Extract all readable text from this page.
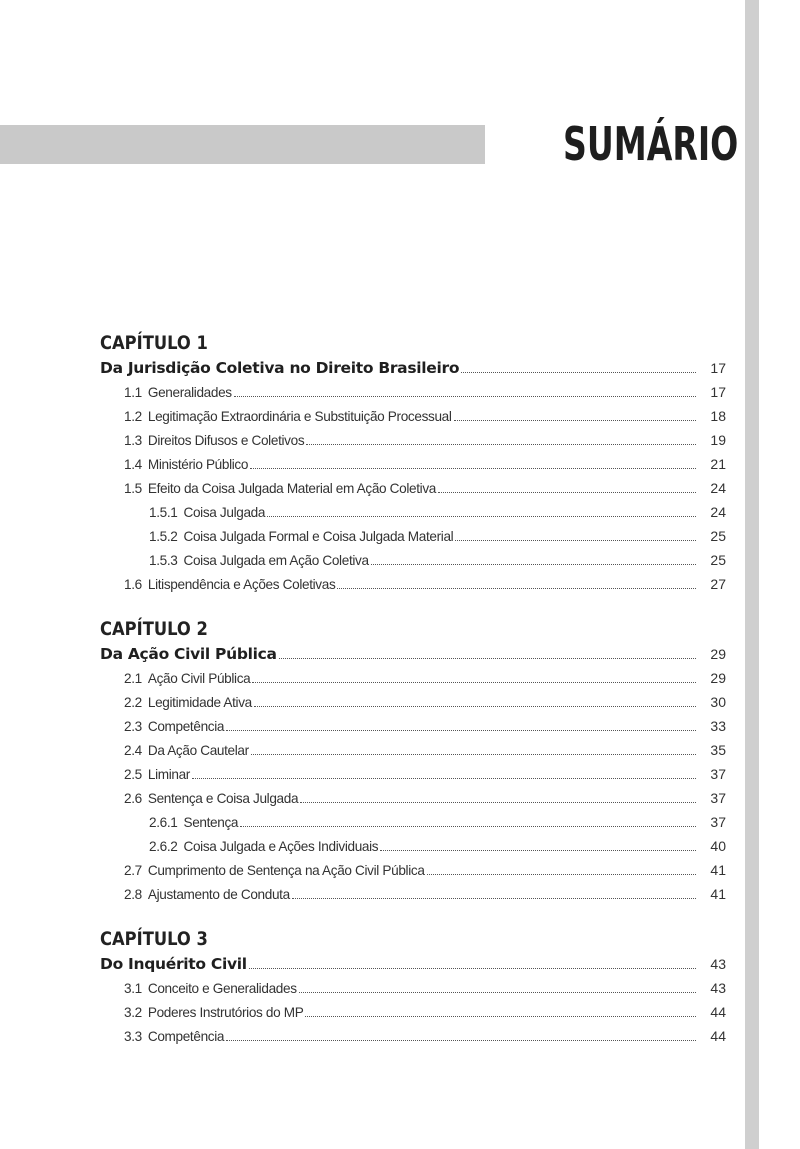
SUMÁRIO
CAPÍTULO 1
Da Jurisdição Coletiva no Direito Brasileiro	17
1.1 Generalidades	17
1.2 Legitimação Extraordinária e Substituição Processual	18
1.3 Direitos Difusos e Coletivos	19
1.4 Ministério Público	21
1.5 Efeito da Coisa Julgada Material em Ação Coletiva	24
1.5.1 Coisa Julgada	24
1.5.2 Coisa Julgada Formal e Coisa Julgada Material	25
1.5.3 Coisa Julgada em Ação Coletiva	25
1.6 Litispendência e Ações Coletivas	27
CAPÍTULO 2
Da Ação Civil Pública	29
2.1 Ação Civil Pública	29
2.2 Legitimidade Ativa	30
2.3 Competência	33
2.4 Da Ação Cautelar	35
2.5 Liminar	37
2.6 Sentença e Coisa Julgada	37
2.6.1 Sentença	37
2.6.2 Coisa Julgada e Ações Individuais	40
2.7 Cumprimento de Sentença na Ação Civil Pública	41
2.8 Ajustamento de Conduta	41
CAPÍTULO 3
Do Inquérito Civil	43
3.1 Conceito e Generalidades	43
3.2 Poderes Instrutórios do MP	44
3.3 Competência	44
